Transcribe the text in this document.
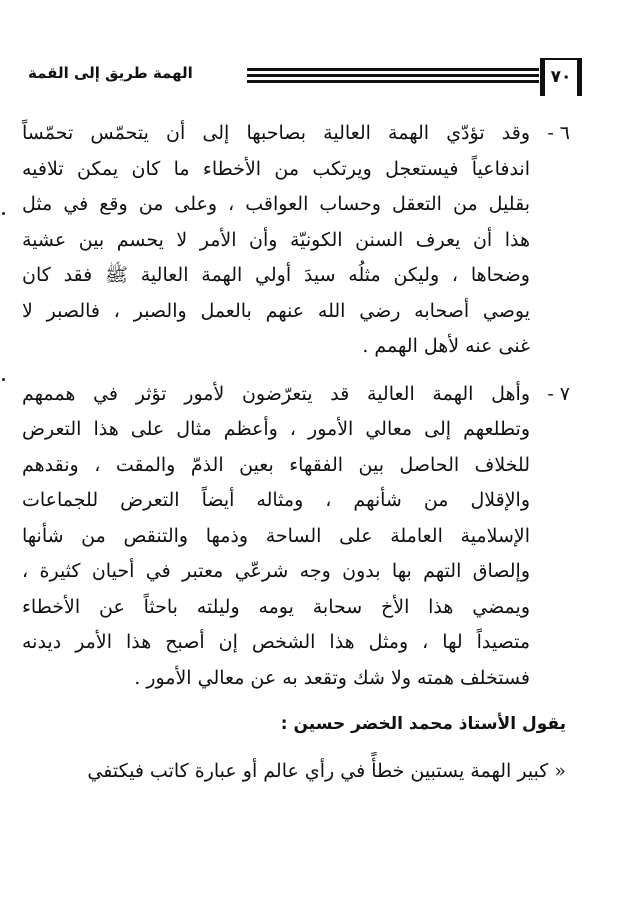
الهمة طريق إلى القمة	٧٠
٦ -
وقد تؤدّي الهمة العالية بصاحبها إلى أن يتحمّس تحمّساً
اندفاعياً فيستعجل ويرتكب من الأخطاء ما كان يمكن تلافيه
بقليل من التعقل وحساب العواقب ، وعلى من وقع في مثل
هذا أن يعرف السنن الكونيّة وأن الأمر لا يحسم بين عشية
وضحاها ، وليكن مثلُه سيدَ أولي الهمة العالية ﷺ فقد كان
يوصي أصحابه رضي الله عنهم بالعمل والصبر ، فالصبر لا
غنى عنه لأهل الهمم .
٧ -
وأهل الهمة العالية قد يتعرّضون لأمور تؤثر في هممهم
وتطلعهم إلى معالي الأمور ، وأعظم مثال على هذا التعرض
للخلاف الحاصل بين الفقهاء بعين الذمّ والمقت ، ونقدهم
والإقلال من شأنهم ، ومثاله أيضاً التعرض للجماعات
الإسلامية العاملة على الساحة وذمها والتنقص من شأنها
وإلصاق التهم بها بدون وجه شرعّي معتبر في أحيان كثيرة ،
ويمضي هذا الأخ سحابة يومه وليلته باحثاً عن الأخطاء
متصيداً لها ، ومثل هذا الشخص إن أصبح هذا الأمر ديدنه
فستخلف همته ولا شك وتقعد به عن معالي الأمور .
يقول الأستاذ محمد الخضر حسين :
« كبير الهمة يستبين خطأً في رأي عالم أو عبارة كاتب فيكتفي
